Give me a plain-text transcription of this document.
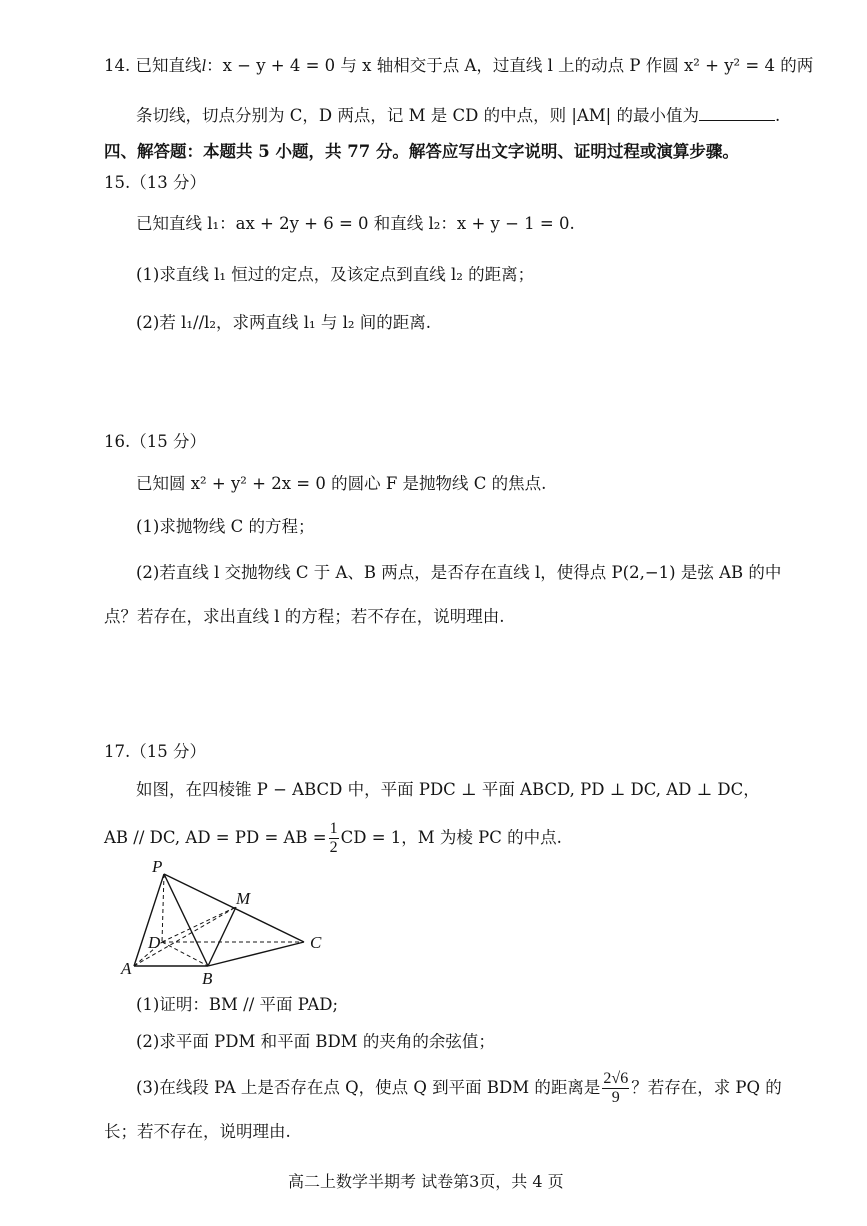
14. 已知直线l：x − y + 4 = 0 与 x 轴相交于点 A，过直线 l 上的动点 P 作圆 x² + y² = 4 的两
条切线，切点分别为 C，D 两点，记 M 是 CD 的中点，则 |AM| 的最小值为	.
四、解答题：本题共 5 小题，共 77 分。解答应写出文字说明、证明过程或演算步骤。
15.（13 分）
已知直线 l₁：ax + 2y + 6 = 0 和直线 l₂：x + y − 1 = 0.
(1)求直线 l₁ 恒过的定点，及该定点到直线 l₂ 的距离；
(2)若 l₁//l₂，求两直线 l₁ 与 l₂ 间的距离.
16.（15 分）
已知圆 x² + y² + 2x = 0 的圆心 F 是抛物线 C 的焦点.
(1)求抛物线 C 的方程；
(2)若直线 l 交抛物线 C 于 A、B 两点，是否存在直线 l，使得点 P(2,−1) 是弦 AB 的中
点？若存在，求出直线 l 的方程；若不存在，说明理由.
17.（15 分）
如图，在四棱锥 P − ABCD 中，平面 PDC ⊥ 平面 ABCD, PD ⊥ DC, AD ⊥ DC，
AB // DC, AD = PD = AB = $\frac{1}{2}$ CD = 1，M 为棱 PC 的中点.
P
M
D	C
A
B
(1)证明：BM // 平面 PAD;
(2)求平面 PDM 和平面 BDM 的夹角的余弦值；
(3)在线段 PA 上是否存在点 Q，使点 Q 到平面 BDM 的距离是 $\frac{2√6}{9}$ ？若存在，求 PQ 的
长；若不存在，说明理由.
高二上数学半期考 试卷第3页，共 4 页
